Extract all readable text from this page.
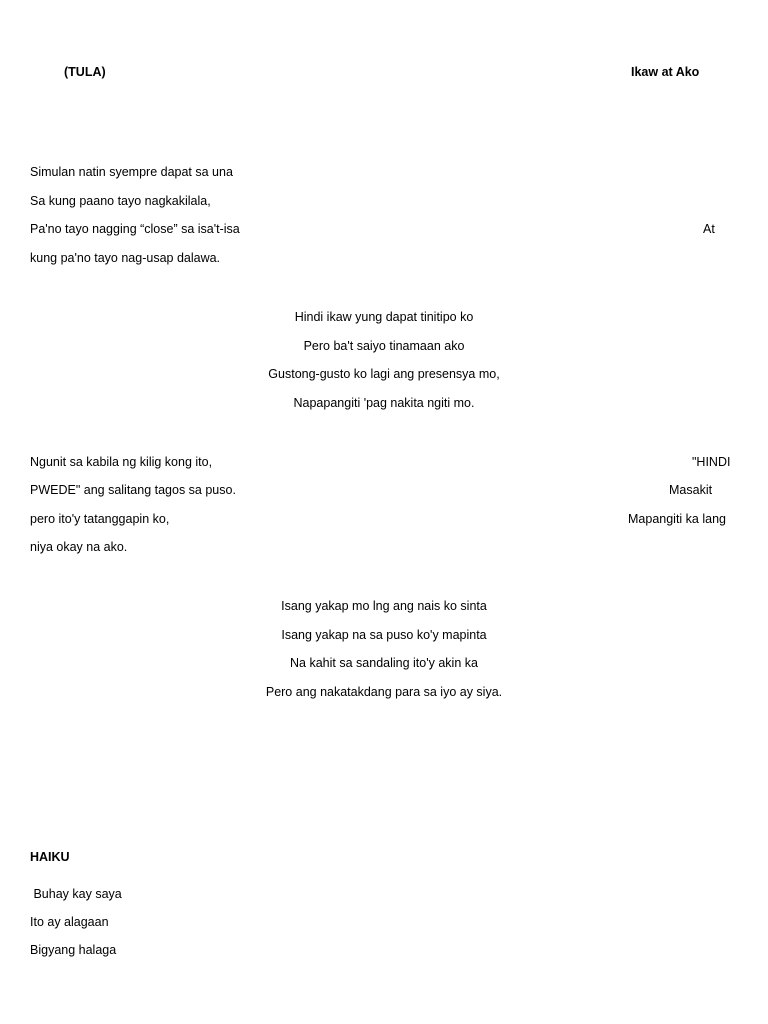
(TULA)	Ikaw at Ako
Simulan natin syempre dapat sa una
Sa kung paano tayo nagkakilala,
Pa'no tayo nagging “close” sa isa't-isa	At
kung pa'no tayo nag-usap dalawa.
Hindi ikaw yung dapat tinitipo ko
Pero ba't saiyo tinamaan ako
Gustong-gusto ko lagi ang presensya mo,
Napapangiti 'pag nakita ngiti mo.
Ngunit sa kabila ng kilig kong ito,	"HINDI
PWEDE" ang salitang tagos sa puso.	Masakit
pero ito'y tatanggapin ko,	Mapangiti ka lang
niya okay na ako.
Isang yakap mo lng ang nais ko sinta
Isang yakap na sa puso ko'y mapinta
Na kahit sa sandaling ito'y akin ka
Pero ang nakatakdang para sa iyo ay siya.
HAIKU
Buhay kay saya
Ito ay alagaan
Bigyang halaga
